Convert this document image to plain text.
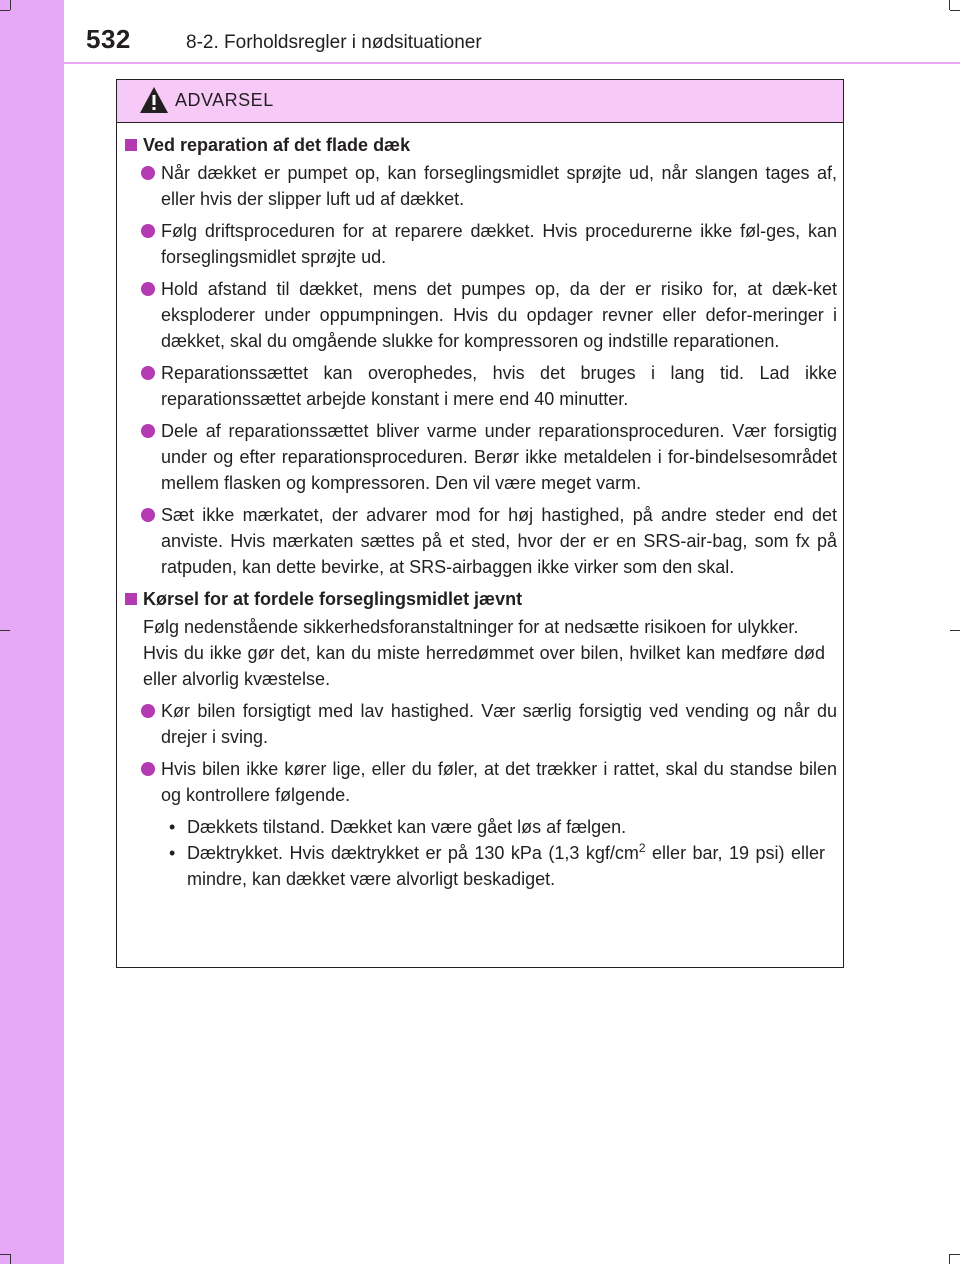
532	8-2. Forholdsregler i nødsituationer
ADVARSEL
Ved reparation af det flade dæk
Når dækket er pumpet op, kan forseglingsmidlet sprøjte ud, når slangen tages af, eller hvis der slipper luft ud af dækket.
Følg driftsproceduren for at reparere dækket. Hvis procedurerne ikke føl-ges, kan forseglingsmidlet sprøjte ud.
Hold afstand til dækket, mens det pumpes op, da der er risiko for, at dæk-ket eksploderer under oppumpningen. Hvis du opdager revner eller defor-meringer i dækket, skal du omgående slukke for kompressoren og indstille reparationen.
Reparationssættet kan overophedes, hvis det bruges i lang tid. Lad ikke reparationssættet arbejde konstant i mere end 40 minutter.
Dele af reparationssættet bliver varme under reparationsproceduren. Vær forsigtig under og efter reparationsproceduren. Berør ikke metaldelen i for-bindelsesområdet mellem flasken og kompressoren. Den vil være meget varm.
Sæt ikke mærkatet, der advarer mod for høj hastighed, på andre steder end det anviste. Hvis mærkaten sættes på et sted, hvor der er en SRS-air-bag, som fx på ratpuden, kan dette bevirke, at SRS-airbaggen ikke virker som den skal.
Kørsel for at fordele forseglingsmidlet jævnt
Følg nedenstående sikkerhedsforanstaltninger for at nedsætte risikoen for ulykker.
Hvis du ikke gør det, kan du miste herredømmet over bilen, hvilket kan medføre død eller alvorlig kvæstelse.
Kør bilen forsigtigt med lav hastighed. Vær særlig forsigtig ved vending og når du drejer i sving.
Hvis bilen ikke kører lige, eller du føler, at det trækker i rattet, skal du standse bilen og kontrollere følgende.
• Dækkets tilstand. Dækket kan være gået løs af fælgen.
• Dæktrykket. Hvis dæktrykket er på 130 kPa (1,3 kgf/$cm^2$ eller bar, 19 psi) eller mindre, kan dækket være alvorligt beskadiget.
